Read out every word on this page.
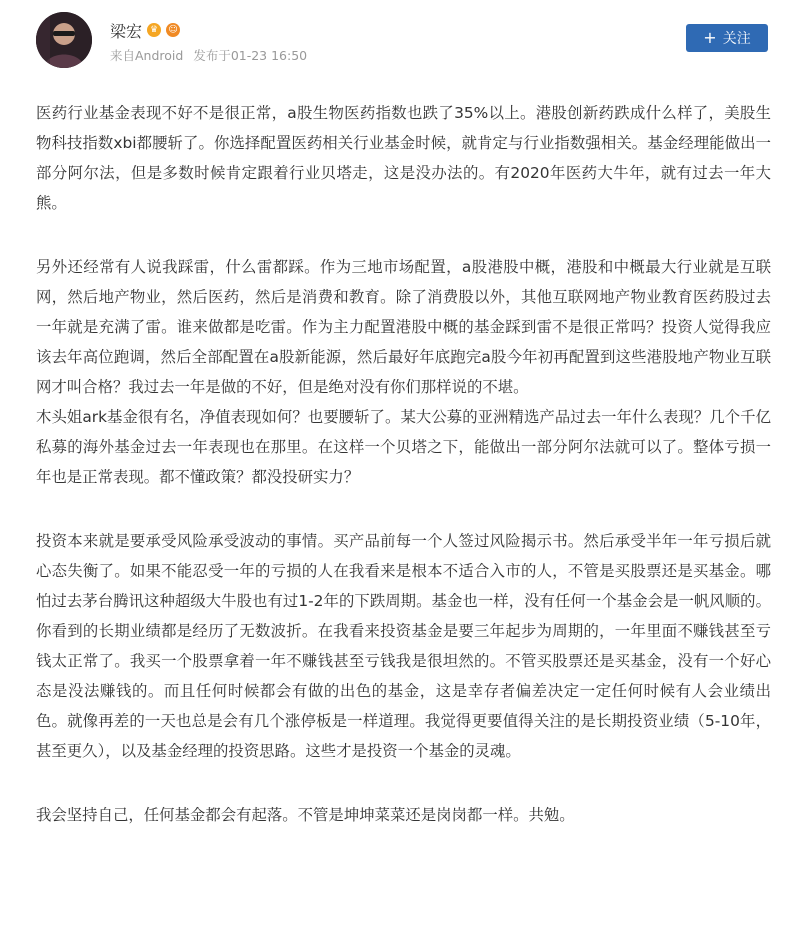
梁宏 ♛	☺
来自Android 发布于01-23 16:50
+ 关注

医药行业基金表现不好不是很正常，a股生物医药指数也跌了35%以上。港股创新药跌成什么样了，美股生物科技指数xbi都腰斩了。你选择配置医药相关行业基金时候，就肯定与行业指数强相关。基金经理能做出一部分阿尔法，但是多数时候肯定跟着行业贝塔走，这是没办法的。有2020年医药大牛年，就有过去一年大熊。

另外还经常有人说我踩雷，什么雷都踩。作为三地市场配置，a股港股中概，港股和中概最大行业就是互联网，然后地产物业，然后医药，然后是消费和教育。除了消费股以外，其他互联网地产物业教育医药股过去一年就是充满了雷。谁来做都是吃雷。作为主力配置港股中概的基金踩到雷不是很正常吗？投资人觉得我应该去年高位跑调，然后全部配置在a股新能源，然后最好年底跑完a股今年初再配置到这些港股地产物业互联网才叫合格？我过去一年是做的不好，但是绝对没有你们那样说的不堪。

木头姐ark基金很有名，净值表现如何？也要腰斩了。某大公募的亚洲精选产品过去一年什么表现？几个千亿私募的海外基金过去一年表现也在那里。在这样一个贝塔之下，能做出一部分阿尔法就可以了。整体亏损一年也是正常表现。都不懂政策？都没投研实力？

投资本来就是要承受风险承受波动的事情。买产品前每一个人签过风险揭示书。然后承受半年一年亏损后就心态失衡了。如果不能忍受一年的亏损的人在我看来是根本不适合入市的人，不管是买股票还是买基金。哪怕过去茅台腾讯这种超级大牛股也有过1-2年的下跌周期。基金也一样，没有任何一个基金会是一帆风顺的。你看到的长期业绩都是经历了无数波折。在我看来投资基金是要三年起步为周期的，一年里面不赚钱甚至亏钱太正常了。我买一个股票拿着一年不赚钱甚至亏钱我是很坦然的。不管买股票还是买基金，没有一个好心态是没法赚钱的。而且任何时候都会有做的出色的基金，这是幸存者偏差决定一定任何时候有人会业绩出色。就像再差的一天也总是会有几个涨停板是一样道理。我觉得更要值得关注的是长期投资业绩（5-10年，甚至更久），以及基金经理的投资思路。这些才是投资一个基金的灵魂。

我会坚持自己，任何基金都会有起落。不管是坤坤菜菜还是岗岗都一样。共勉。
